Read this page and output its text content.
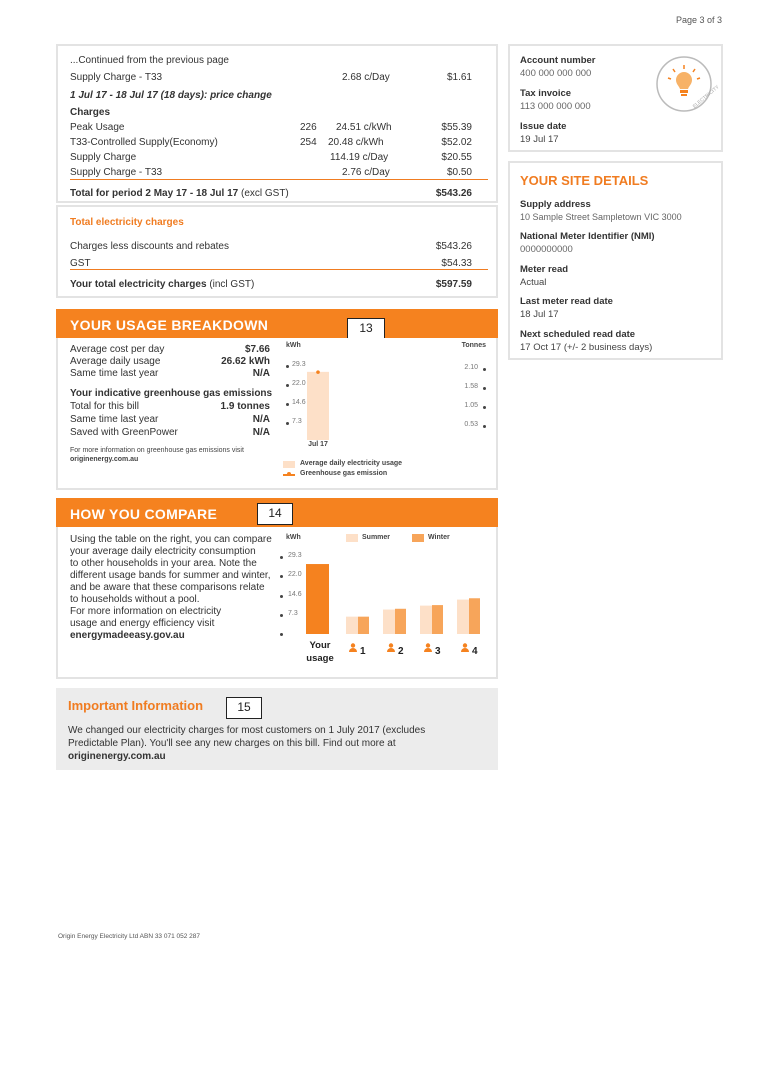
Page 3 of 3
...Continued from the previous page
Supply Charge - T33	2.68 c/Day	$1.61
1 Jul 17 - 18 Jul 17 (18 days): price change
Charges
Peak Usage	226 24.51 c/kWh	$55.39
T33-Controlled Supply(Economy)	254 20.48 c/kWh	$52.02
Supply Charge	114.19 c/Day	$20.55
Supply Charge - T33	2.76 c/Day	$0.50
Total for period 2 May 17 - 18 Jul 17 (excl GST)	$543.26
Total electricity charges
Charges less discounts and rebates	$543.26
GST	$54.33
Your total electricity charges (incl GST)	$597.59
Account number
400 000 000 000
Tax invoice
113 000 000 000
Issue date
19 Jul 17
ELECTRICITY
YOUR SITE DETAILS
Supply address
10 Sample Street Sampletown VIC 3000
National Meter Identifier (NMI)
0000000000
Meter read
Actual
Last meter read date
18 Jul 17
Next scheduled read date
17 Oct 17 (+/- 2 business days)
YOUR USAGE BREAKDOWN	13
Average cost per day	$7.66
Average daily usage	26.62 kWh
Same time last year	N/A
Your indicative greenhouse gas emissions
Total for this bill	1.9 tonnes
Same time last year	N/A
Saved with GreenPower	N/A
For more information on greenhouse gas emissions visit
originenergy.com.au
kWh	Tonnes
29.3
22.0
14.6
7.3
2.10
1.58
1.05
0.53
Jul 17
Average daily electricity usage
Greenhouse gas emission
HOW YOU COMPARE	14
Using the table on the right, you can compare
your average daily electricity consumption
to other households in your area. Note the
different usage bands for summer and winter,
and be aware that these comparisons relate
to households without a pool.
For more information on electricity
usage and energy efficiency visit
energymadeeasy.gov.au
kWh	Summer	Winter
29.3
22.0
14.6
7.3
Your usage
1	2	3	4
Important Information
We changed our electricity charges for most customers on 1 July 2017 (excludes
Predictable Plan). You'll see any new charges on this bill. Find out more at
originenergy.com.au
15
Origin Energy Electricity Ltd ABN 33 071 052 287
